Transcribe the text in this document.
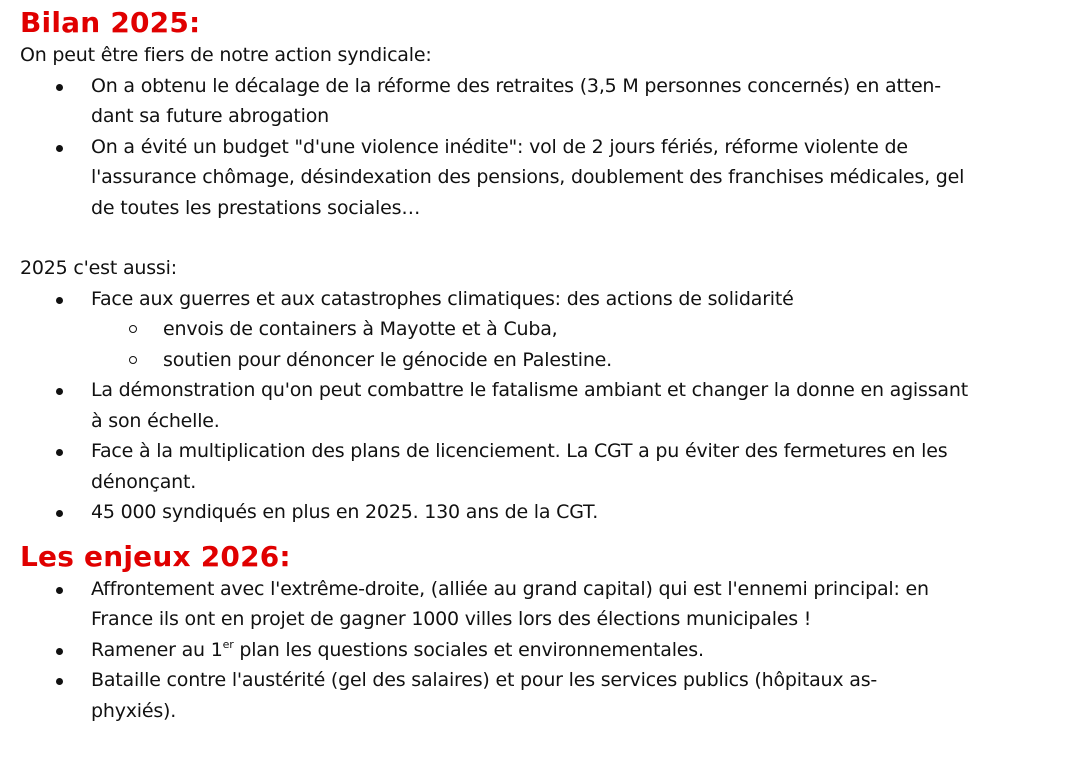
Bilan 2025:

On peut être fiers de notre action syndicale:

On a obtenu le décalage de la réforme des retraites (3,5 M personnes concernés) en atten-
dant sa future abrogation
On a évité un budget "d'une violence inédite": vol de 2 jours fériés, réforme violente de
l'assurance chômage, désindexation des pensions, doublement des franchises médicales, gel
de toutes les prestations sociales…

2025 c'est aussi:

Face aux guerres et aux catastrophes climatiques: des actions de solidarité
envois de containers à Mayotte et à Cuba,
soutien pour dénoncer le génocide en Palestine.
La démonstration qu'on peut combattre le fatalisme ambiant et changer la donne en agissant
à son échelle.
Face à la multiplication des plans de licenciement. La CGT a pu éviter des fermetures en les
dénonçant.
45 000 syndiqués en plus en 2025. 130 ans de la CGT.
Les enjeux 2026:
Affrontement avec l'extrême-droite, (alliée au grand capital) qui est l'ennemi principal: en
France ils ont en projet de gagner 1000 villes lors des élections municipales !
Ramener au 1er plan les questions sociales et environnementales.
Bataille contre l'austérité (gel des salaires) et pour les services publics (hôpitaux as-
phyxiés).
